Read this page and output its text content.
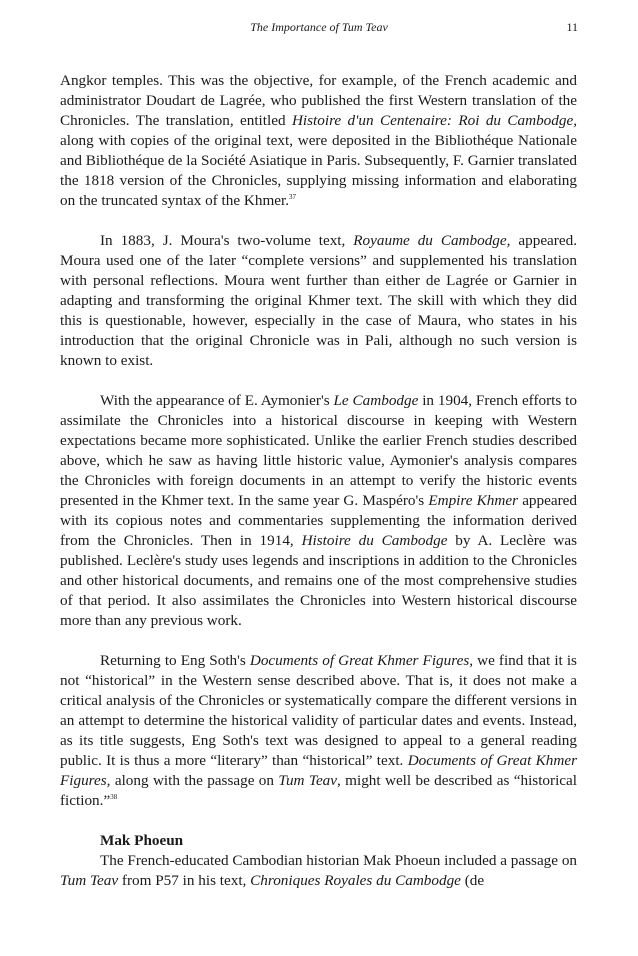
The Importance of Tum Teav	11

Angkor temples. This was the objective, for example, of the French academic and administrator Doudart de Lagrée, who published the first Western translation of the Chronicles. The translation, entitled Histoire d'un Centenaire: Roi du Cambodge, along with copies of the original text, were deposited in the Bibliothéque Nationale and Bibliothéque de la Société Asiatique in Paris. Subsequently, F. Garnier translated the 1818 version of the Chronicles, supplying missing information and elaborating on the truncated syntax of the Khmer.$^{37}$

In 1883, J. Moura's two-volume text, Royaume du Cambodge, appeared. Moura used one of the later “complete versions” and supplemented his translation with personal reflections. Moura went further than either de Lagrée or Garnier in adapting and transforming the original Khmer text. The skill with which they did this is questionable, however, especially in the case of Maura, who states in his introduction that the original Chronicle was in Pali, although no such version is known to exist.

With the appearance of E. Aymonier's Le Cambodge in 1904, French efforts to assimilate the Chronicles into a historical discourse in keeping with Western expectations became more sophisticated. Unlike the earlier French studies described above, which he saw as having little historic value, Aymonier's analysis compares the Chronicles with foreign documents in an attempt to verify the historic events presented in the Khmer text. In the same year G. Maspéro's Empire Khmer appeared with its copious notes and commentaries supplementing the information derived from the Chronicles. Then in 1914, Histoire du Cambodge by A. Leclère was published. Leclère's study uses legends and inscriptions in addition to the Chronicles and other historical documents, and remains one of the most comprehensive studies of that period. It also assimilates the Chronicles into Western historical discourse more than any previous work.

Returning to Eng Soth's Documents of Great Khmer Figures, we find that it is not “historical” in the Western sense described above. That is, it does not make a critical analysis of the Chronicles or systematically compare the different versions in an attempt to determine the historical validity of particular dates and events. Instead, as its title suggests, Eng Soth's text was designed to appeal to a general reading public. It is thus a more “literary” than “historical” text. Documents of Great Khmer Figures, along with the passage on Tum Teav, might well be described as “historical fiction.”$^{38}$

Mak Phoeun

The French-educated Cambodian historian Mak Phoeun included a passage on Tum Teav from P57 in his text, Chroniques Royales du Cambodge (de
